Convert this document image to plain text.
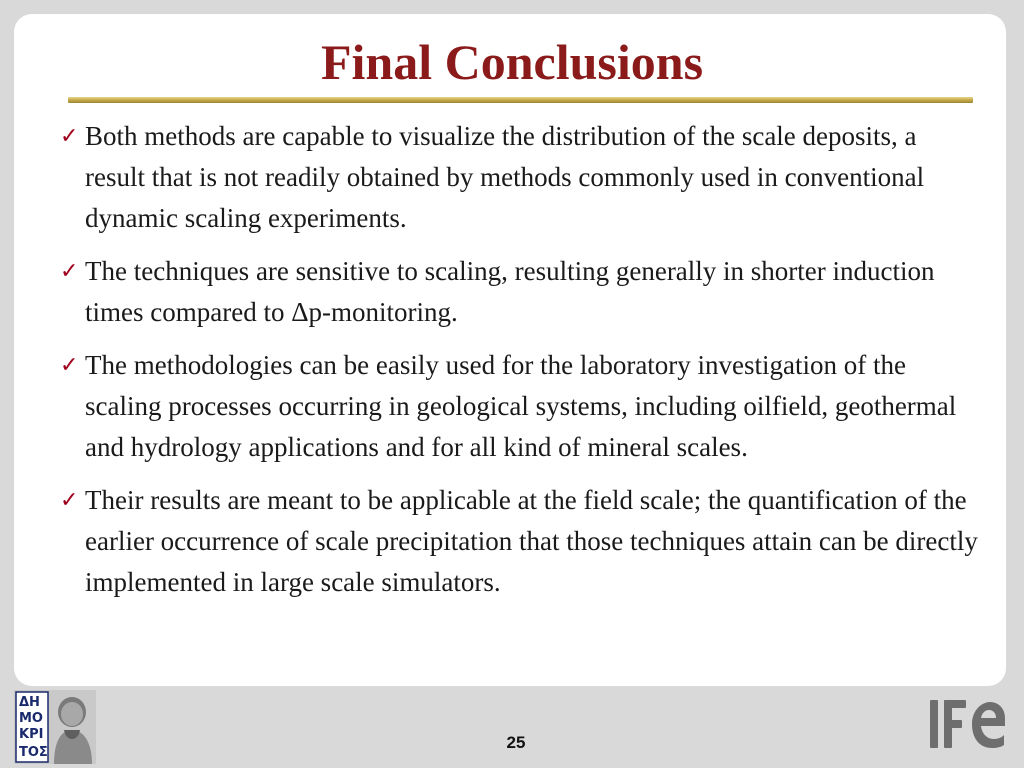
Final Conclusions
✓ Both methods are capable to visualize the distribution of the scale deposits, a result that is not readily obtained by methods commonly used in conventional dynamic scaling experiments.
✓ The techniques are sensitive to scaling, resulting generally in shorter induction times compared to Δp-monitoring.
✓ The methodologies can be easily used for the laboratory investigation of the scaling processes occurring in geological systems, including oilfield, geothermal and hydrology applications and for all kind of mineral scales.
✓ Their results are meant to be applicable at the field scale; the quantification of the earlier occurrence of scale precipitation that those techniques attain can be directly implemented in large scale simulators.
ΔΗ
ΜΟ
ΚΡΙ
ΤΟΣ
25
